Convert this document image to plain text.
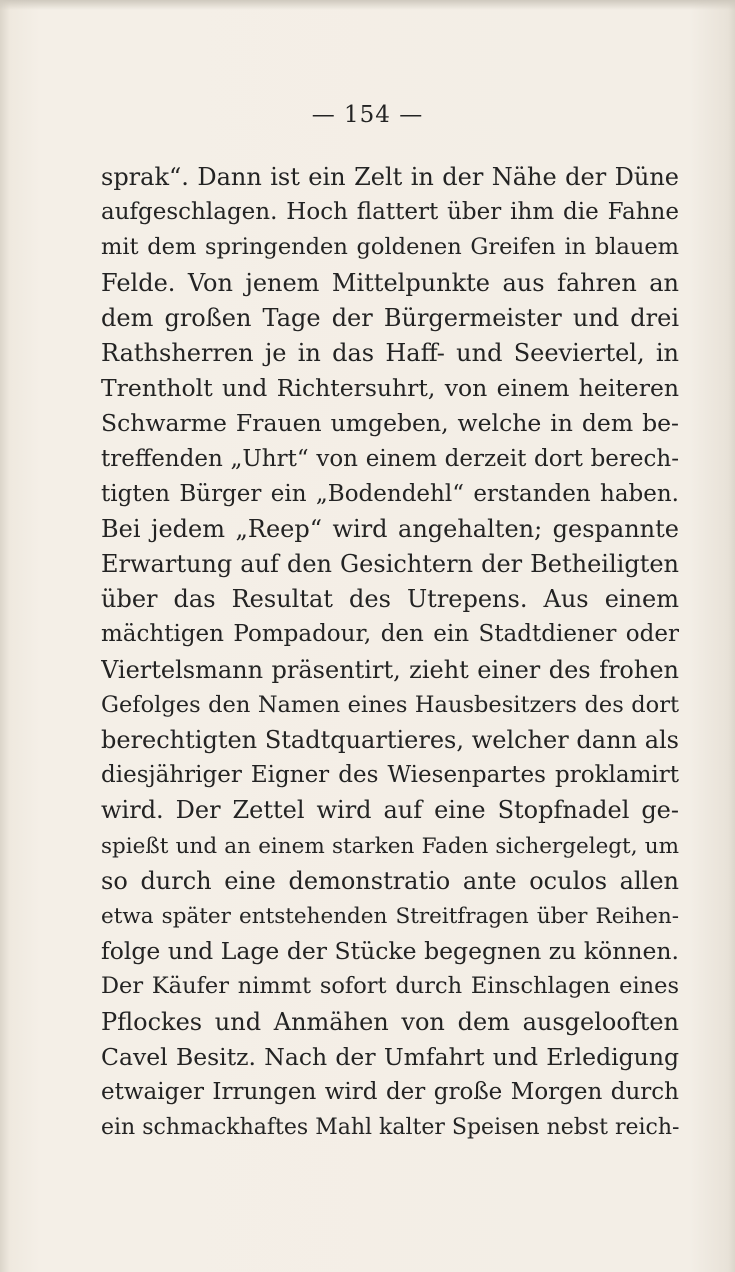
— 154 —
sprak“. Dann ist ein Zelt in der Nähe der Düne
aufgeschlagen. Hoch flattert über ihm die Fahne
mit dem springenden goldenen Greifen in blauem
Felde. Von jenem Mittelpunkte aus fahren an
dem großen Tage der Bürgermeister und drei
Rathsherren je in das Haff- und Seeviertel, in
Trentholt und Richtersuhrt, von einem heiteren
Schwarme Frauen umgeben, welche in dem be-
treffenden „Uhrt“ von einem derzeit dort berech-
tigten Bürger ein „Bodendehl“ erstanden haben.
Bei jedem „Reep“ wird angehalten; gespannte
Erwartung auf den Gesichtern der Betheiligten
über das Resultat des Utrepens. Aus einem
mächtigen Pompadour, den ein Stadtdiener oder
Viertelsmann präsentirt, zieht einer des frohen
Gefolges den Namen eines Hausbesitzers des dort
berechtigten Stadtquartieres, welcher dann als
diesjähriger Eigner des Wiesenpartes proklamirt
wird. Der Zettel wird auf eine Stopfnadel ge-
spießt und an einem starken Faden sichergelegt, um
so durch eine demonstratio ante oculos allen
etwa später entstehenden Streitfragen über Reihen-
folge und Lage der Stücke begegnen zu können.
Der Käufer nimmt sofort durch Einschlagen eines
Pflockes und Anmähen von dem ausgelooften
Cavel Besitz. Nach der Umfahrt und Erledigung
etwaiger Irrungen wird der große Morgen durch
ein schmackhaftes Mahl kalter Speisen nebst reich-
